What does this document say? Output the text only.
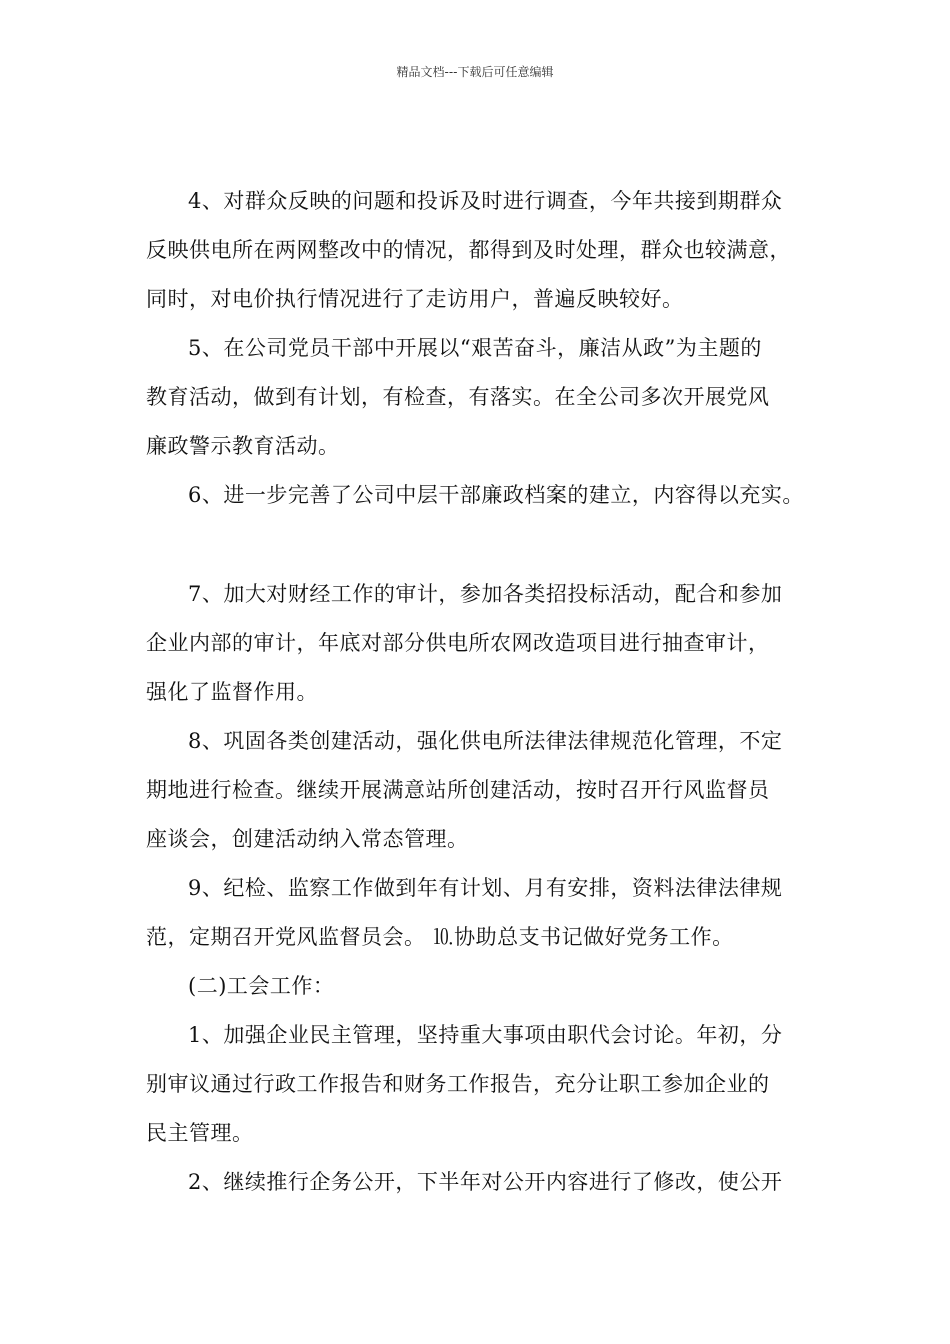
精品文档---下载后可任意编辑
4、对群众反映的问题和投诉及时进行调查，今年共接到期群众
反映供电所在两网整改中的情况，都得到及时处理，群众也较满意，
同时，对电价执行情况进行了走访用户，普遍反映较好。
5、在公司党员干部中开展以“艰苦奋斗，廉洁从政”为主题的
教育活动，做到有计划，有检查，有落实。在全公司多次开展党风
廉政警示教育活动。
6、进一步完善了公司中层干部廉政档案的建立，内容得以充实。
7、加大对财经工作的审计，参加各类招投标活动，配合和参加
企业内部的审计，年底对部分供电所农网改造项目进行抽查审计，
强化了监督作用。
8、巩固各类创建活动，强化供电所法律法律规范化管理，不定
期地进行检查。继续开展满意站所创建活动，按时召开行风监督员
座谈会，创建活动纳入常态管理。
9、纪检、监察工作做到年有计划、月有安排，资料法律法律规
范，定期召开党风监督员会。 ⒑协助总支书记做好党务工作。
(二)工会工作：
1、加强企业民主管理，坚持重大事项由职代会讨论。年初，分
别审议通过行政工作报告和财务工作报告，充分让职工参加企业的
民主管理。
2、继续推行企务公开，下半年对公开内容进行了修改，使公开
